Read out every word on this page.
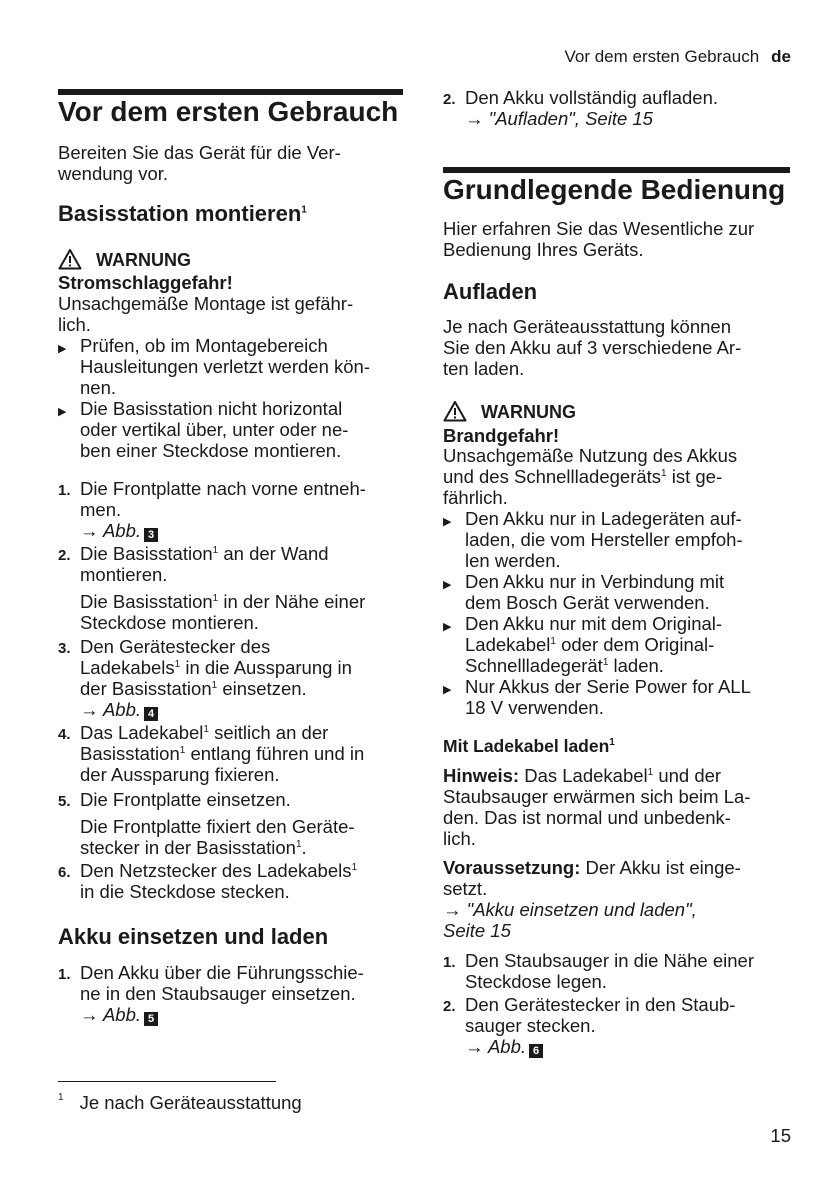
Vor dem ersten Gebrauch de
Vor dem ersten Gebrauch
Bereiten Sie das Gerät für die Ver-
wendung vor.
Basisstation montieren$^1$
WARNUNG
Stromschlaggefahr!
Unsachgemäße Montage ist gefähr-
lich.
▶ Prüfen, ob im Montagebereich
Hausleitungen verletzt werden kön-
nen.
▶ Die Basisstation nicht horizontal
oder vertikal über, unter oder ne-
ben einer Steckdose montieren.
1. Die Frontplatte nach vorne entneh-
men.
→ Abb. 3
2. Die Basisstation$^1$ an der Wand
montieren.
Die Basisstation$^1$ in der Nähe einer
Steckdose montieren.
3. Den Gerätestecker des
Ladekabels$^1$ in die Aussparung in
der Basisstation$^1$ einsetzen.
→ Abb. 4
4. Das Ladekabel$^1$ seitlich an der
Basisstation$^1$ entlang führen und in
der Aussparung fixieren.
5. Die Frontplatte einsetzen.
Die Frontplatte fixiert den Geräte-
stecker in der Basisstation$^1$.
6. Den Netzstecker des Ladekabels$^1$
in die Steckdose stecken.
Akku einsetzen und laden
1. Den Akku über die Führungsschie-
ne in den Staubsauger einsetzen.
→ Abb. 5
2. Den Akku vollständig aufladen.
→ "Aufladen", Seite 15
Grundlegende Bedienung
Hier erfahren Sie das Wesentliche zur
Bedienung Ihres Geräts.
Aufladen
Je nach Geräteausstattung können
Sie den Akku auf 3 verschiedene Ar-
ten laden.
WARNUNG
Brandgefahr!
Unsachgemäße Nutzung des Akkus
und des Schnellladegeräts$^1$ ist ge-
fährlich.
▶ Den Akku nur in Ladegeräten auf-
laden, die vom Hersteller empfoh-
len werden.
▶ Den Akku nur in Verbindung mit
dem Bosch Gerät verwenden.
▶ Den Akku nur mit dem Original-
Ladekabel$^1$ oder dem Original-
Schnellladegerät$^1$ laden.
▶ Nur Akkus der Serie Power for ALL
18 V verwenden.
Mit Ladekabel laden$^1$
Hinweis: Das Ladekabel$^1$ und der
Staubsauger erwärmen sich beim La-
den. Das ist normal und unbedenk-
lich.
Voraussetzung: Der Akku ist einge-
setzt.
→ "Akku einsetzen und laden",
Seite 15
1. Den Staubsauger in die Nähe einer
Steckdose legen.
2. Den Gerätestecker in den Staub-
sauger stecken.
→ Abb. 6
$^1$ Je nach Geräteausstattung
15
